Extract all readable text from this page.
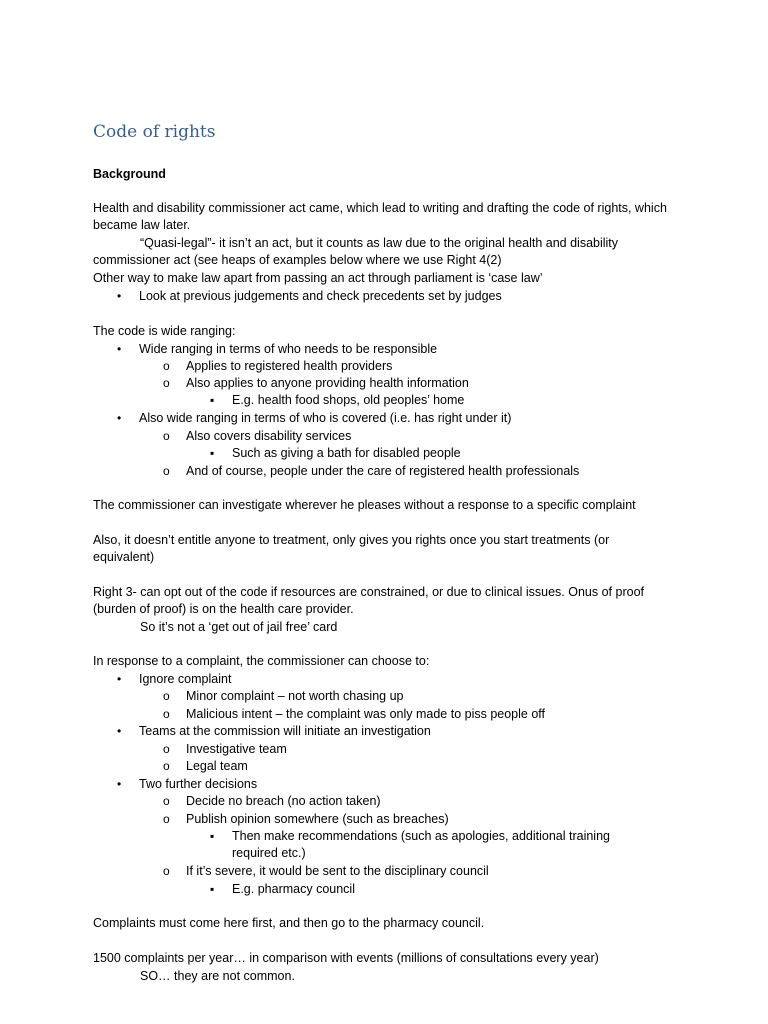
Code of rights
Background
Health and disability commissioner act came, which lead to writing and drafting the code of rights, which became law later.
“Quasi-legal”- it isn’t an act, but it counts as law due to the original health and disability commissioner act (see heaps of examples below where we use Right 4(2)
Other way to make law apart from passing an act through parliament is ‘case law’
• Look at previous judgements and check precedents set by judges
The code is wide ranging:
• Wide ranging in terms of who needs to be responsible
o Applies to registered health providers
o Also applies to anyone providing health information
▪ E.g. health food shops, old peoples’ home
• Also wide ranging in terms of who is covered (i.e. has right under it)
o Also covers disability services
▪ Such as giving a bath for disabled people
o And of course, people under the care of registered health professionals
The commissioner can investigate wherever he pleases without a response to a specific complaint
Also, it doesn’t entitle anyone to treatment, only gives you rights once you start treatments (or equivalent)
Right 3- can opt out of the code if resources are constrained, or due to clinical issues. Onus of proof (burden of proof) is on the health care provider.
So it’s not a ‘get out of jail free’ card
In response to a complaint, the commissioner can choose to:
• Ignore complaint
o Minor complaint – not worth chasing up
o Malicious intent – the complaint was only made to piss people off
• Teams at the commission will initiate an investigation
o Investigative team
o Legal team
• Two further decisions
o Decide no breach (no action taken)
o Publish opinion somewhere (such as breaches)
▪ Then make recommendations (such as apologies, additional training required etc.)
o If it’s severe, it would be sent to the disciplinary council
▪ E.g. pharmacy council
Complaints must come here first, and then go to the pharmacy council.
1500 complaints per year… in comparison with events (millions of consultations every year)
SO… they are not common.
